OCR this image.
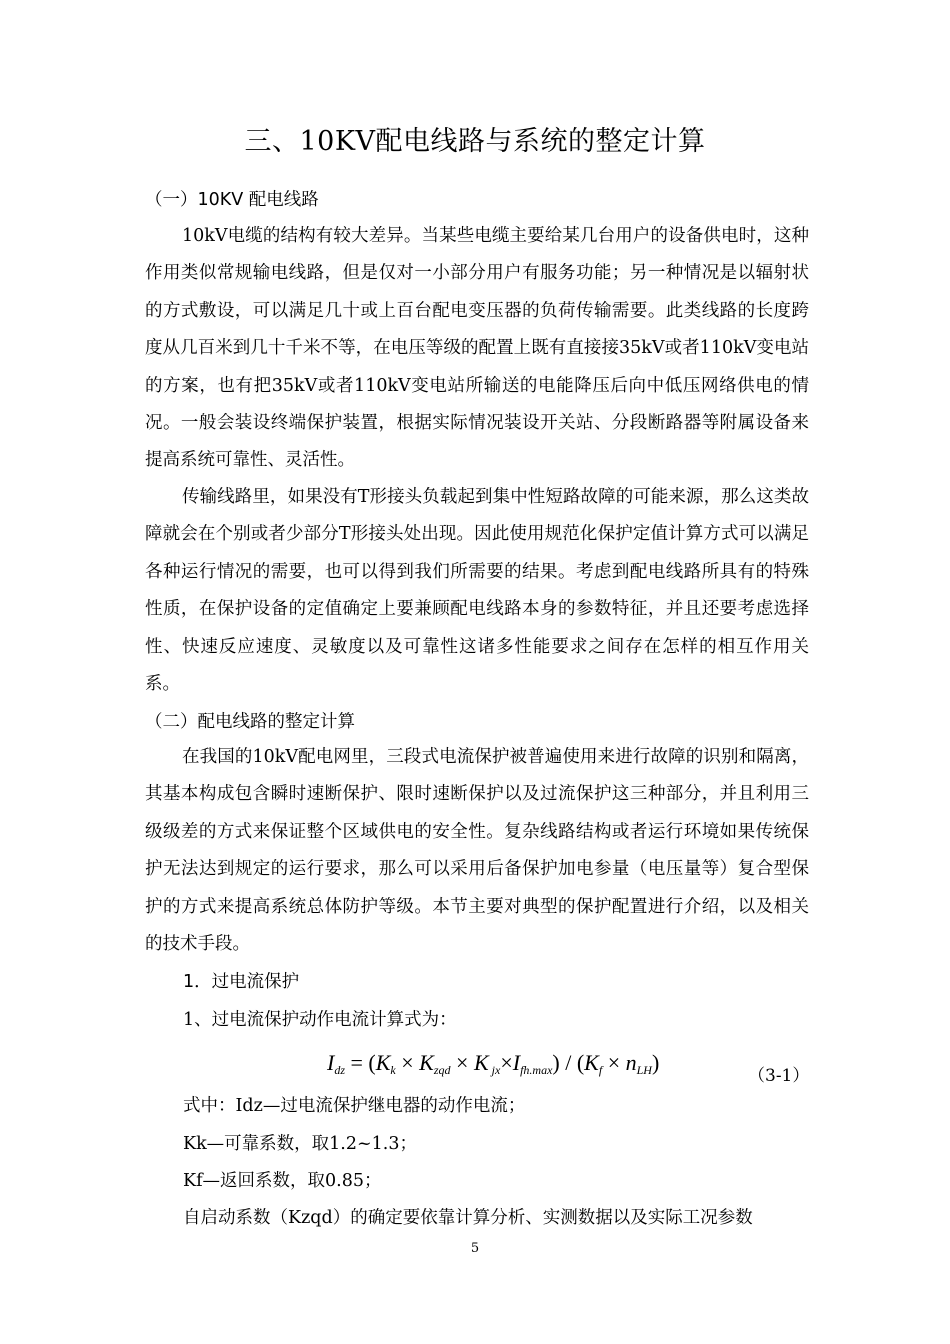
三、10KV配电线路与系统的整定计算
（一）10KV 配电线路

10kV电缆的结构有较大差异。当某些电缆主要给某几台用户的设备供电时，这种作用类似常规输电线路，但是仅对一小部分用户有服务功能；另一种情况是以辐射状的方式敷设，可以满足几十或上百台配电变压器的负荷传输需要。此类线路的长度跨度从几百米到几十千米不等，在电压等级的配置上既有直接接35kV或者110kV变电站的方案，也有把35kV或者110kV变电站所输送的电能降压后向中低压网络供电的情况。一般会装设终端保护装置，根据实际情况装设开关站、分段断路器等附属设备来提高系统可靠性、灵活性。

传输线路里，如果没有T形接头负载起到集中性短路故障的可能来源，那么这类故障就会在个别或者少部分T形接头处出现。因此使用规范化保护定值计算方式可以满足各种运行情况的需要，也可以得到我们所需要的结果。考虑到配电线路所具有的特殊性质，在保护设备的定值确定上要兼顾配电线路本身的参数特征，并且还要考虑选择性、快速反应速度、灵敏度以及可靠性这诸多性能要求之间存在怎样的相互作用关系。

（二）配电线路的整定计算

在我国的10kV配电网里，三段式电流保护被普遍使用来进行故障的识别和隔离，其基本构成包含瞬时速断保护、限时速断保护以及过流保护这三种部分，并且利用三级级差的方式来保证整个区域供电的安全性。复杂线路结构或者运行环境如果传统保护无法达到规定的运行要求，那么可以采用后备保护加电参量（电压量等）复合型保护的方式来提高系统总体防护等级。本节主要对典型的保护配置进行介绍，以及相关的技术手段。

1．过电流保护
1、过电流保护动作电流计算式为：
$I_{dz} = (K_k \times K_{zqd} \times K$ $_{jx}\times I_{fh.max}) / (K_f \times n_{LH})$
（3-1）
式中：Idz—过电流保护继电器的动作电流；
Kk—可靠系数，取1.2~1.3；
Kf—返回系数，取0.85；
自启动系数（Kzqd）的确定要依靠计算分析、实测数据以及实际工况参数
5
